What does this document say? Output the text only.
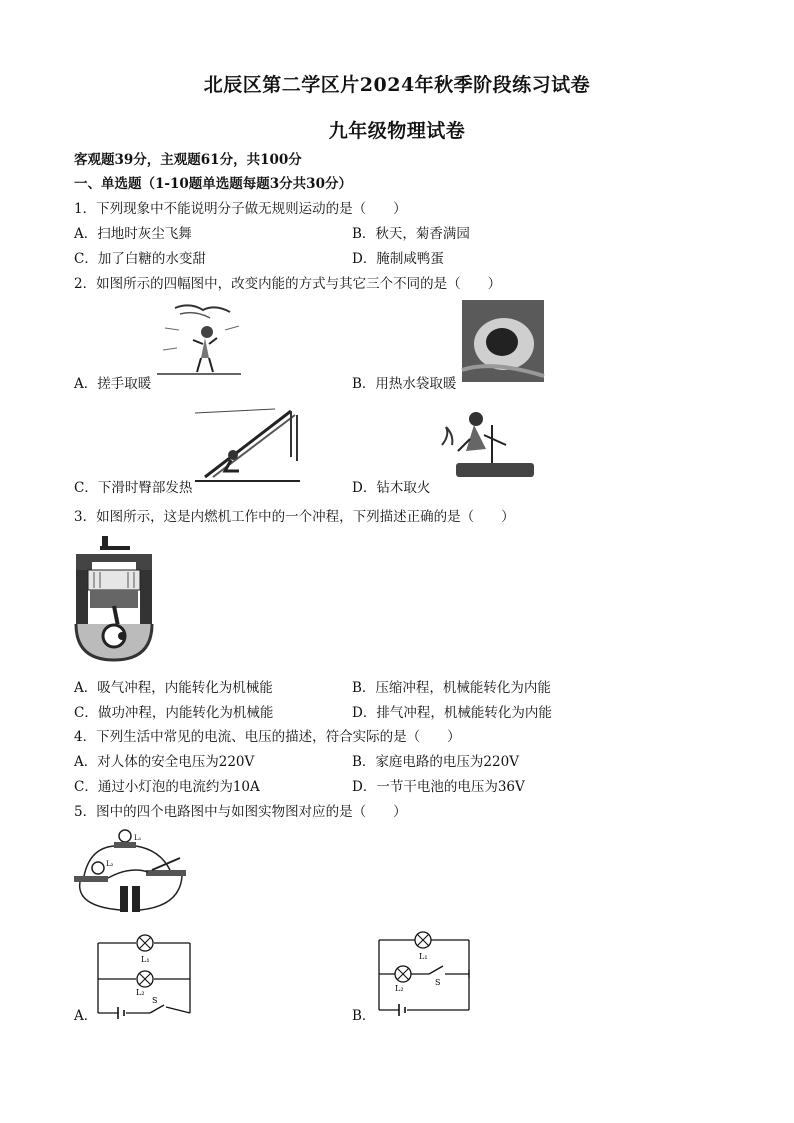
北辰区第二学区片2024年秋季阶段练习试卷
九年级物理试卷
客观题39分，主观题61分，共100分
一、单选题（1-10题单选题每题3分共30分）
1．下列现象中不能说明分子做无规则运动的是（　　）
A．扫地时灰尘飞舞	B．秋天，菊香满园
C．加了白糖的水变甜	D．腌制咸鸭蛋
2．如图所示的四幅图中，改变内能的方式与其它三个不同的是（　　）
A．搓手取暖	B．用热水袋取暖
C．下滑时臀部发热	D．钻木取火
3．如图所示，这是内燃机工作中的一个冲程，下列描述正确的是（　　）
A．吸气冲程，内能转化为机械能	B．压缩冲程，机械能转化为内能
C．做功冲程，内能转化为机械能	D．排气冲程，机械能转化为内能
4．下列生活中常见的电流、电压的描述，符合实际的是（　　）
A．对人体的安全电压为220V	B．家庭电路的电压为220V
C．通过小灯泡的电流约为10A	D．一节干电池的电压为36V
5．图中的四个电路图中与如图实物图对应的是（　　）
L₁
L₂
L₁
L₂
S
A．
L₁
L₂
S
B．
